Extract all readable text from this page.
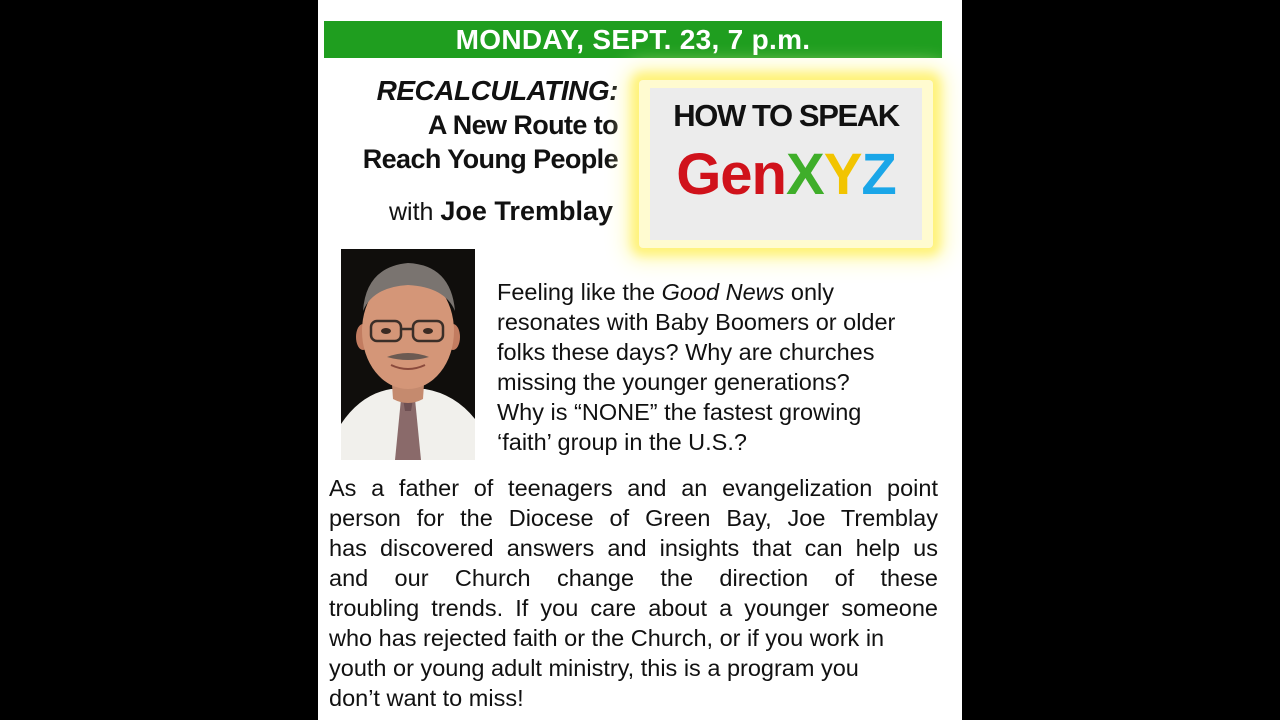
MONDAY, SEPT. 23, 7 p.m.
RECALCULATING:
A New Route to
Reach Young People
with Joe Tremblay
HOW TO SPEAK
GenXYZ
Feeling like the Good News only
resonates with Baby Boomers or older
folks these days? Why are churches
missing the younger generations?
Why is “NONE” the fastest growing
‘faith’ group in the U.S.?
As a father of teenagers and an evangelization point
person for the Diocese of Green Bay, Joe Tremblay
has discovered answers and insights that can help us
and our Church change the direction of these
troubling trends. If you care about a younger someone
who has rejected faith or the Church, or if you work in
youth or young adult ministry, this is a program you
don’t want to miss!
